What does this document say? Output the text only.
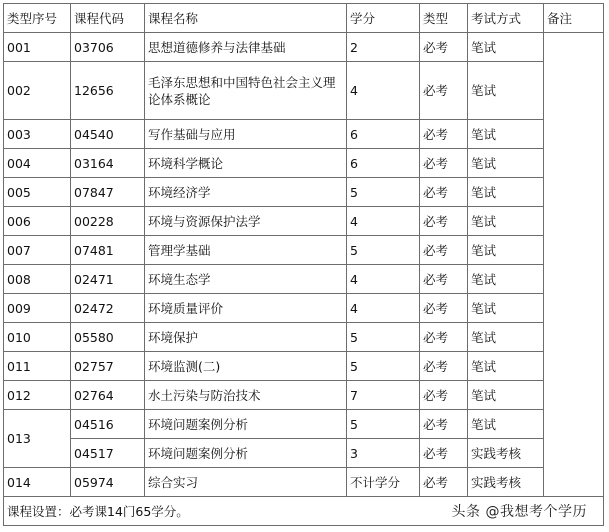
类型序号	课程代码	课程名称	学分	类型	考试方式	备注
001	03706	思想道德修养与法律基础	2	必考	笔试	
002	12656	毛泽东思想和中国特色社会主义理论体系概论	4	必考	笔试	
003	04540	写作基础与应用	6	必考	笔试	
004	03164	环境科学概论	6	必考	笔试	
005	07847	环境经济学	5	必考	笔试	
006	00228	环境与资源保护法学	4	必考	笔试	
007	07481	管理学基础	5	必考	笔试	
008	02471	环境生态学	4	必考	笔试	
009	02472	环境质量评价	4	必考	笔试	
010	05580	环境保护	5	必考	笔试	
011	02757	环境监测(二)	5	必考	笔试	
012	02764	水土污染与防治技术	7	必考	笔试	
013	04516	环境问题案例分析	5	必考	笔试	
	04517	环境问题案例分析	3	必考	实践考核	
014	05974	综合实习	不计学分	必考	实践考核	
课程设置：必考课14门65学分。							头条 @我想考个学历
